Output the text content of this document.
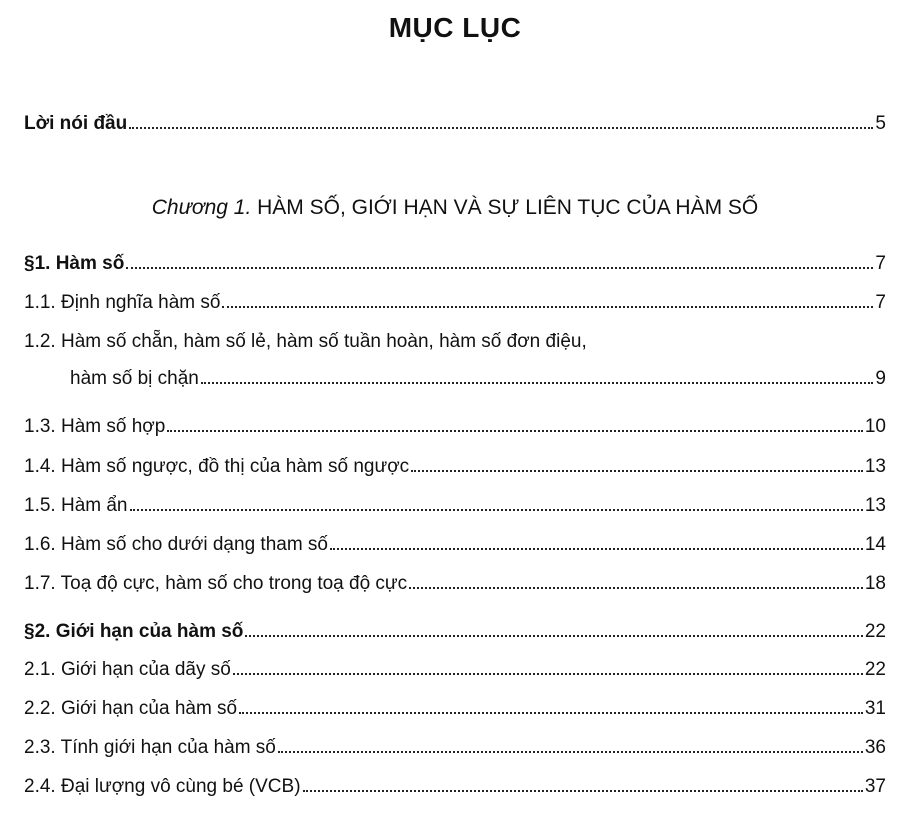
MỤC LỤC
Lời nói đầu	5
Chương 1. HÀM SỐ, GIỚI HẠN VÀ SỰ LIÊN TỤC CỦA HÀM SỐ
§1. Hàm số	7
1.1. Định nghĩa hàm số	7
1.2. Hàm số chẵn, hàm số lẻ, hàm số tuần hoàn, hàm số đơn điệu,
hàm số bị chặn	9
1.3. Hàm số hợp	10
1.4. Hàm số ngược, đồ thị của hàm số ngược	13
1.5. Hàm ẩn	13
1.6. Hàm số cho dưới dạng tham số	14
1.7. Toạ độ cực, hàm số cho trong toạ độ cực	18
§2. Giới hạn của hàm số	22
2.1. Giới hạn của dãy số	22
2.2. Giới hạn của hàm số	31
2.3. Tính giới hạn của hàm số	36
2.4. Đại lượng vô cùng bé (VCB)	37
